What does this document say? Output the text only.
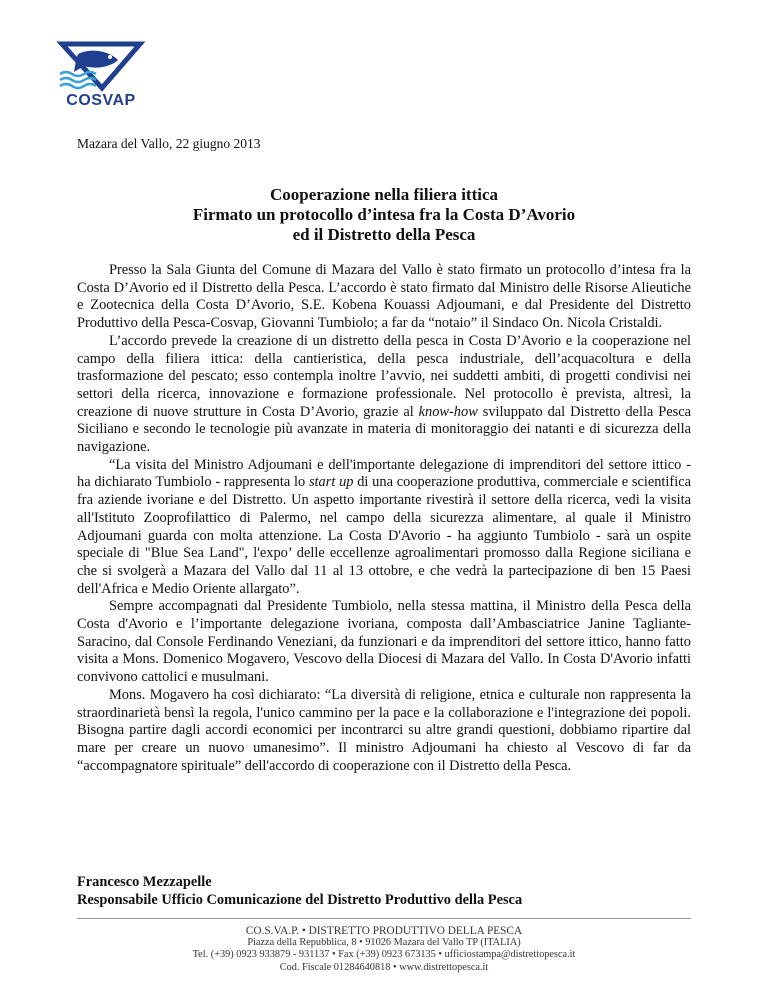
COSVAP
Mazara del Vallo, 22 giugno 2013
Cooperazione nella filiera ittica
Firmato un protocollo d’intesa fra la Costa D’Avorio
ed il Distretto della Pesca

Presso la Sala Giunta del Comune di Mazara del Vallo è stato firmato un protocollo d’intesa fra la Costa D’Avorio ed il Distretto della Pesca. L’accordo è stato firmato dal Ministro delle Risorse Alieutiche e Zootecnica della Costa D’Avorio, S.E. Kobena Kouassi Adjoumani, e dal Presidente del Distretto Produttivo della Pesca-Cosvap, Giovanni Tumbiolo; a far da “notaio” il Sindaco On. Nicola Cristaldi.

L’accordo prevede la creazione di un distretto della pesca in Costa D’Avorio e la cooperazione nel campo della filiera ittica: della cantieristica, della pesca industriale, dell’acquacoltura e della trasformazione del pescato; esso contempla inoltre l’avvio, nei suddetti ambiti, di progetti condivisi nei settori della ricerca, innovazione e formazione professionale. Nel protocollo è prevista, altresì, la creazione di nuove strutture in Costa D’Avorio, grazie al know-how sviluppato dal Distretto della Pesca Siciliano e secondo le tecnologie più avanzate in materia di monitoraggio dei natanti e di sicurezza della navigazione.

“La visita del Ministro Adjoumani e dell'importante delegazione di imprenditori del settore ittico - ha dichiarato Tumbiolo - rappresenta lo start up di una cooperazione produttiva, commerciale e scientifica fra aziende ivoriane e del Distretto. Un aspetto importante rivestirà il settore della ricerca, vedi la visita all'Istituto Zooprofilattico di Palermo, nel campo della sicurezza alimentare, al quale il Ministro Adjoumani guarda con molta attenzione. La Costa D'Avorio - ha aggiunto Tumbiolo - sarà un ospite speciale di "Blue Sea Land", l'expo’ delle eccellenze agroalimentari promosso dalla Regione siciliana e che si svolgerà a Mazara del Vallo dal 11 al 13 ottobre, e che vedrà la partecipazione di ben 15 Paesi dell'Africa e Medio Oriente allargato”.

Sempre accompagnati dal Presidente Tumbiolo, nella stessa mattina, il Ministro della Pesca della Costa d'Avorio e l’importante delegazione ivoriana, composta dall’Ambasciatrice Janine Tagliante-Saracino, dal Console Ferdinando Veneziani, da funzionari e da imprenditori del settore ittico, hanno fatto visita a Mons. Domenico Mogavero, Vescovo della Diocesi di Mazara del Vallo. In Costa D'Avorio infatti convivono cattolici e musulmani.

Mons. Mogavero ha così dichiarato: “La diversità di religione, etnica e culturale non rappresenta la straordinarietà bensì la regola, l'unico cammino per la pace e la collaborazione e l'integrazione dei popoli. Bisogna partire dagli accordi economici per incontrarci su altre grandi questioni, dobbiamo ripartire dal mare per creare un nuovo umanesimo”. Il ministro Adjoumani ha chiesto al Vescovo di far da “accompagnatore spirituale” dell'accordo di cooperazione con il Distretto della Pesca.

Francesco Mezzapelle
Responsabile Ufficio Comunicazione del Distretto Produttivo della Pesca
CO.S.VA.P. • DISTRETTO PRODUTTIVO DELLA PESCA
Piazza della Repubblica, 8 • 91026 Mazara del Vallo TP (ITALIA)
Tel. (+39) 0923 933879 - 931137 • Fax (+39) 0923 673135 • ufficiostampa@distrettopesca.it
Cod. Fiscale 01284640818 • www.distrettopesca.it
